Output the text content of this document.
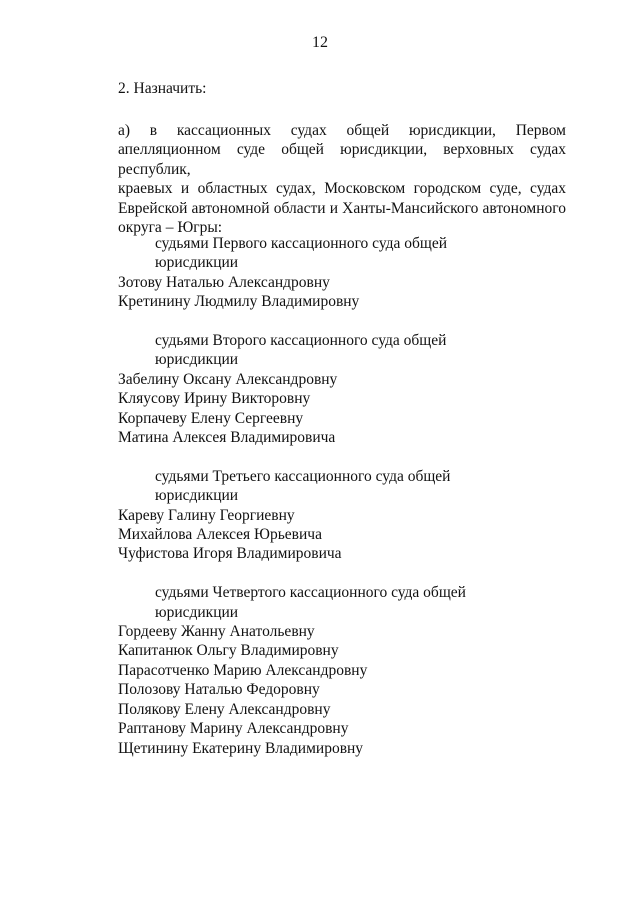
12
2. Назначить:
а) в кассационных судах общей юрисдикции, Первом
апелляционном суде общей юрисдикции, верховных судах республик,
краевых и областных судах, Московском городском суде, судах
Еврейской автономной области и Ханты-Мансийского автономного
округа – Югры:
судьями Первого кассационного суда общей юрисдикции
Зотову Наталью Александровну
Кретинину Людмилу Владимировну
судьями Второго кассационного суда общей юрисдикции
Забелину Оксану Александровну
Кляусову Ирину Викторовну
Корпачеву Елену Сергеевну
Матина Алексея Владимировича
судьями Третьего кассационного суда общей юрисдикции
Кареву Галину Георгиевну
Михайлова Алексея Юрьевича
Чуфистова Игоря Владимировича
судьями Четвертого кассационного суда общей юрисдикции
Гордееву Жанну Анатольевну
Капитанюк Ольгу Владимировну
Парасотченко Марию Александровну
Полозову Наталью Федоровну
Полякову Елену Александровну
Раптанову Марину Александровну
Щетинину Екатерину Владимировну
